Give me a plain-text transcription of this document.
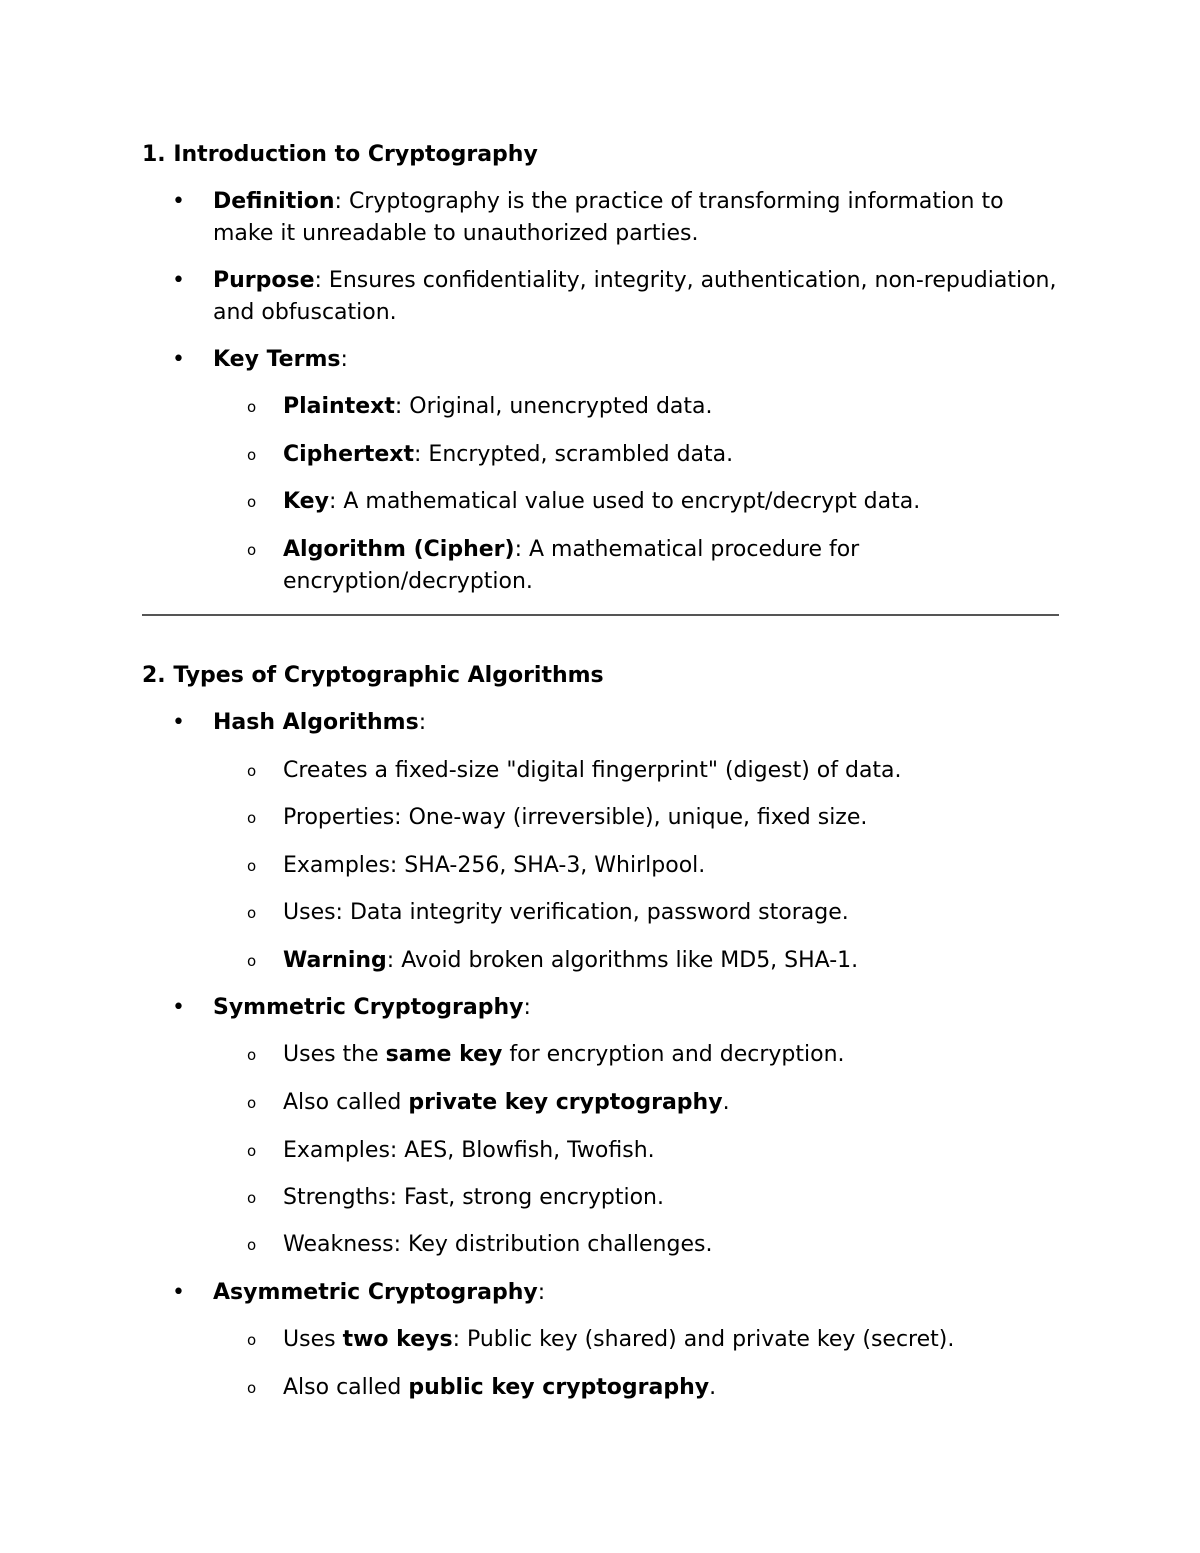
1. Introduction to Cryptography
•	Definition: Cryptography is the practice of transforming information to make it unreadable to unauthorized parties.
•	Purpose: Ensures confidentiality, integrity, authentication, non-repudiation, and obfuscation.
•	Key Terms:
o Plaintext: Original, unencrypted data.
o Ciphertext: Encrypted, scrambled data.
o Key: A mathematical value used to encrypt/decrypt data.
o Algorithm (Cipher): A mathematical procedure for encryption/decryption.
2. Types of Cryptographic Algorithms
•	Hash Algorithms:
o Creates a fixed-size "digital fingerprint" (digest) of data.
o Properties: One-way (irreversible), unique, fixed size.
o Examples: SHA-256, SHA-3, Whirlpool.
o Uses: Data integrity verification, password storage.
o Warning: Avoid broken algorithms like MD5, SHA-1.
•	Symmetric Cryptography:
o Uses the same key for encryption and decryption.
o Also called private key cryptography.
o Examples: AES, Blowfish, Twofish.
o Strengths: Fast, strong encryption.
o Weakness: Key distribution challenges.
•	Asymmetric Cryptography:
o Uses two keys: Public key (shared) and private key (secret).
o Also called public key cryptography.
